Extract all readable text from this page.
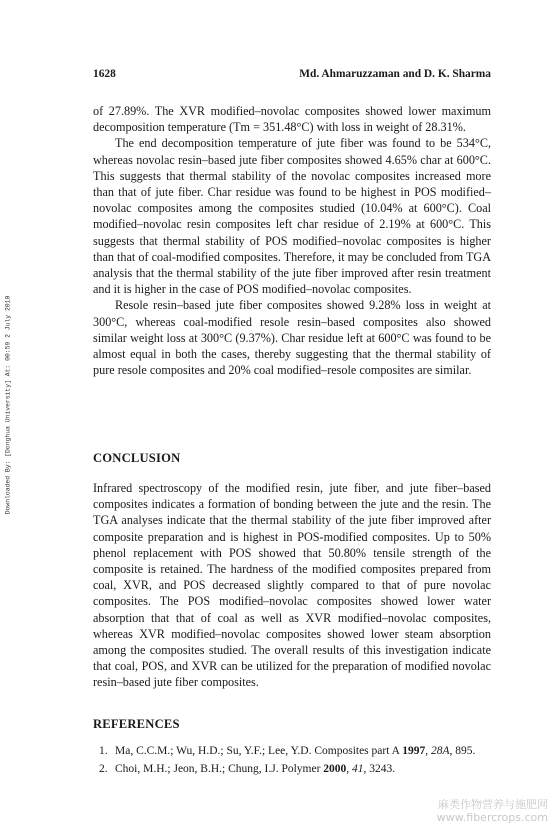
Downloaded By: [Donghua University] At: 00:59 2 July 2010
1628	Md. Ahmaruzzaman and D. K. Sharma

of 27.89%. The XVR modified–novolac composites showed lower maximum decomposition temperature (Tm = 351.48°C) with loss in weight of 28.31%.

The end decomposition temperature of jute fiber was found to be 534°C, whereas novolac resin–based jute fiber composites showed 4.65% char at 600°C. This suggests that thermal stability of the novolac composites increased more than that of jute fiber. Char residue was found to be highest in POS modified–novolac composites among the composites studied (10.04% at 600°C). Coal modified–novolac resin composites left char residue of 2.19% at 600°C. This suggests that thermal stability of POS modified–novolac composites is higher than that of coal-modified composites. Therefore, it may be concluded from TGA analysis that the thermal stability of the jute fiber improved after resin treatment and it is higher in the case of POS modified–novolac composites.

Resole resin–based jute fiber composites showed 9.28% loss in weight at 300°C, whereas coal-modified resole resin–based composites also showed similar weight loss at 300°C (9.37%). Char residue left at 600°C was found to be almost equal in both the cases, thereby suggesting that the thermal stability of pure resole composites and 20% coal modified–resole composites are similar.

CONCLUSION

Infrared spectroscopy of the modified resin, jute fiber, and jute fiber–based composites indicates a formation of bonding between the jute and the resin. The TGA analyses indicate that the thermal stability of the jute fiber improved after composite preparation and is highest in POS-modified composites. Up to 50% phenol replacement with POS showed that 50.80% tensile strength of the composite is retained. The hardness of the modified composites prepared from coal, XVR, and POS decreased slightly compared to that of pure novolac composites. The POS modified–novolac composites showed lower water absorption that that of coal as well as XVR modified–novolac composites, whereas XVR modified–novolac composites showed lower steam absorption among the composites studied. The overall results of this investigation indicate that coal, POS, and XVR can be utilized for the preparation of modified novolac resin–based jute fiber composites.

REFERENCES
1. Ma, C.C.M.; Wu, H.D.; Su, Y.F.; Lee, Y.D. Composites part A 1997, 28A, 895.
2. Choi, M.H.; Jeon, B.H.; Chung, I.J. Polymer 2000, 41, 3243.
麻类作物营养与施肥网
www.fibercrops.com
